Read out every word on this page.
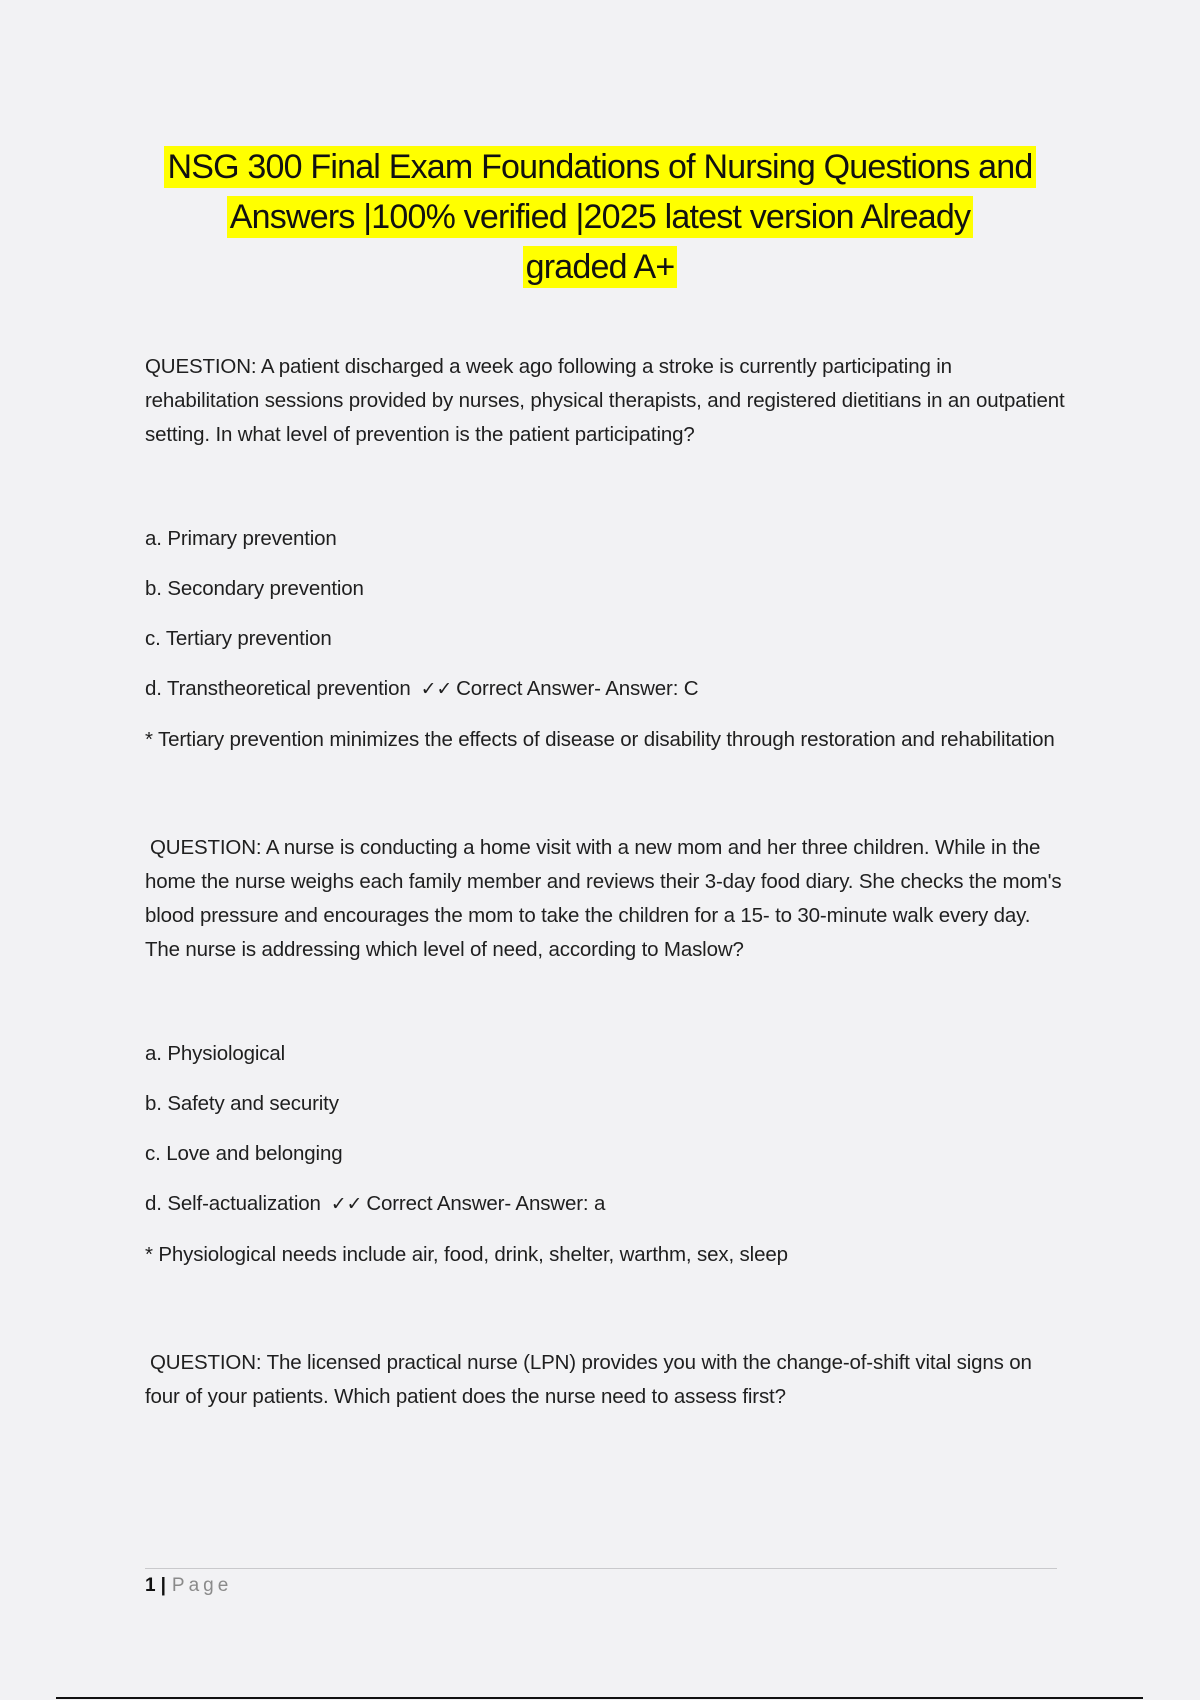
NSG 300 Final Exam Foundations of Nursing Questions and
Answers |100% verified |2025 latest version Already
graded A+

QUESTION: A patient discharged a week ago following a stroke is currently participating in rehabilitation sessions provided by nurses, physical therapists, and registered dietitians in an outpatient setting. In what level of prevention is the patient participating?

a. Primary prevention

b. Secondary prevention

c. Tertiary prevention

d. Transtheoretical prevention ✓✓ Correct Answer- Answer: C

* Tertiary prevention minimizes the effects of disease or disability through restoration and rehabilitation

QUESTION: A nurse is conducting a home visit with a new mom and her three children. While in the home the nurse weighs each family member and reviews their 3-day food diary. She checks the mom's blood pressure and encourages the mom to take the children for a 15- to 30-minute walk every day. The nurse is addressing which level of need, according to Maslow?

a. Physiological

b. Safety and security

c. Love and belonging

d. Self-actualization ✓✓ Correct Answer- Answer: a

* Physiological needs include air, food, drink, shelter, warthm, sex, sleep

QUESTION: The licensed practical nurse (LPN) provides you with the change-of-shift vital signs on four of your patients. Which patient does the nurse need to assess first?

1 | Page
